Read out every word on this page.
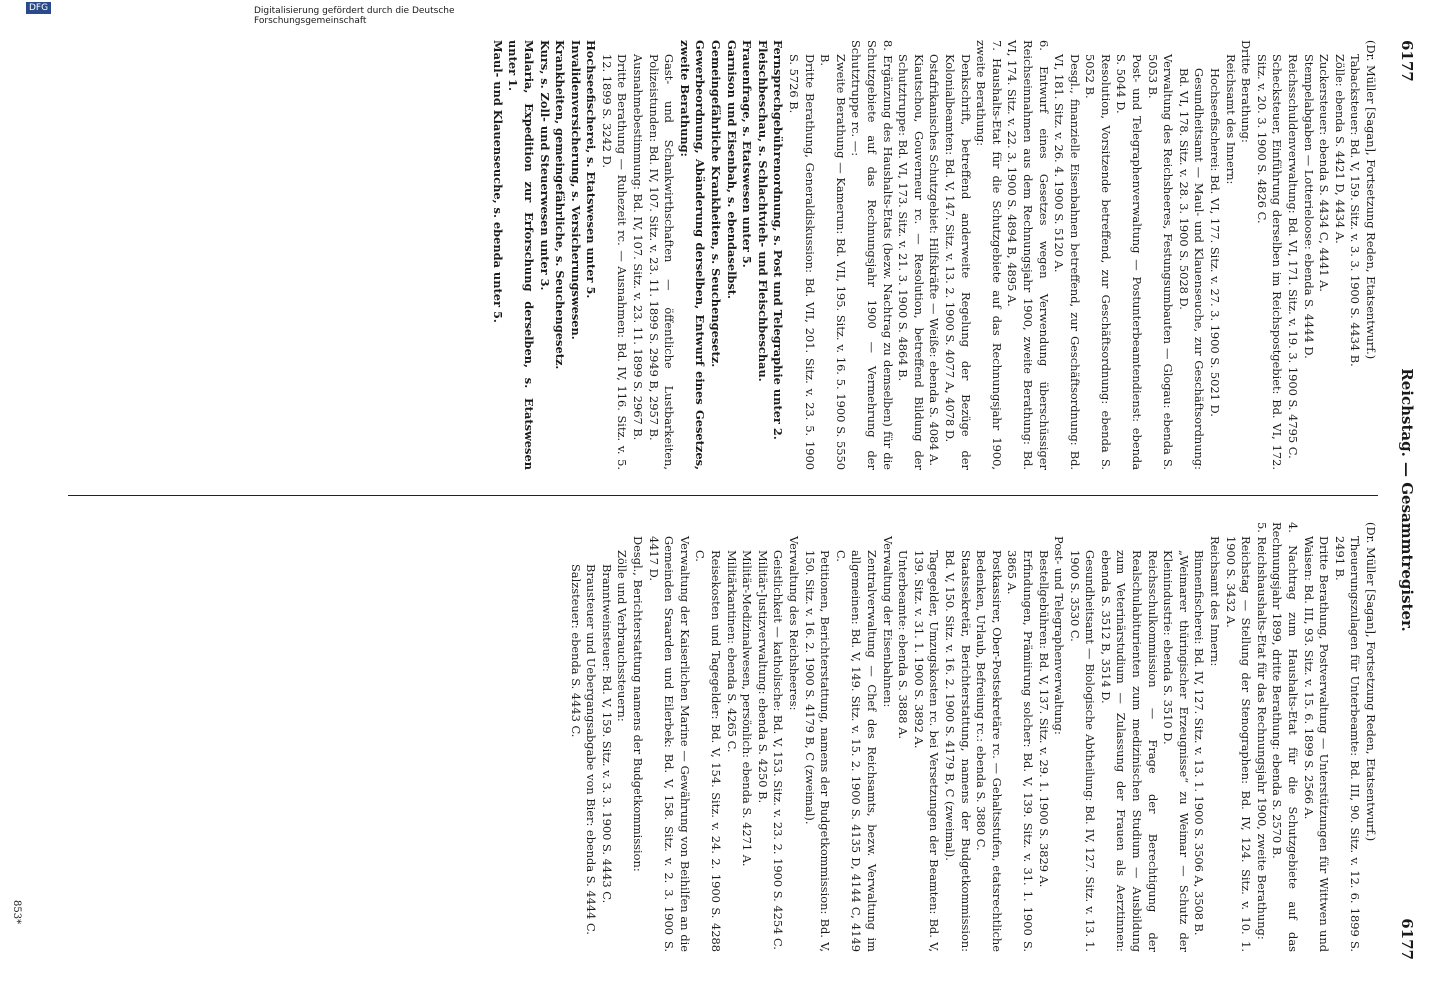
6177
Reichstag. — Gesammtregister.
6177

(Dr. Müller [Sagan], Fortsetzung Reden, Etatsentwurf.)

Tabacksteuer: Bd. V, 159. Sitz. v. 3. 3. 1900 S. 4434 B.

Zölle: ebenda S. 4421 D, 4434 A.

Zuckersteuer: ebenda S. 4434 C, 4441 A.

Stempelabgaben — Lotterieloose: ebenda S. 4444 D.

Reichsschuldenverwaltung: Bd. VI, 171. Sitz. v. 19. 3. 1900 S. 4795 C.

Schecksteuer, Einführung derselben im Reichspostgebiet: Bd. VI, 172. Sitz. v. 20. 3. 1900 S. 4826 C.

Dritte Berathung:

Reichsamt des Innern:

Hochseefischerei: Bd. VI, 177. Sitz. v. 27. 3. 1900 S. 5021 D.

Gesundheitsamt — Maul- und Klauenseuche, zur Geschäftsordnung: Bd. VI, 178. Sitz. v. 28. 3. 1900 S. 5028 D.

Verwaltung des Reichsheeres, Festungsumbauten — Glogau: ebenda S. 5053 B.

Post- und Telegraphenverwaltung — Postunterbeamtendienst: ebenda S. 5044 D.

Resolution, Vorsitzende betreffend, zur Geschäftsordnung: ebenda S. 5052 B.

Desgl., finanzielle Eisenbahnen betreffend, zur Geschäftsordnung: Bd. VI, 181. Sitz. v. 26. 4. 1900 S. 5120 A.

6. Entwurf eines Gesetzes wegen Verwendung überschüssiger Reichseinnahmen aus dem Rechnungsjahr 1900, zweite Berathung: Bd. VI, 174. Sitz. v. 22. 3. 1900 S. 4894 B, 4895 A.

7. Haushalts-Etat für die Schutzgebiete auf das Rechnungsjahr 1900, zweite Berathung:

Denkschrift, betreffend anderweite Regelung der Bezüge der Kolonialbeamten: Bd. V, 147. Sitz. v. 13. 2. 1900 S. 4077 A, 4078 D.

Ostafrikanisches Schutzgebiet: Hilfskräfte — Weiße: ebenda S. 4084 A.

Kiautschou, Gouverneur rc. — Resolution, betreffend Bildung der Schutztruppe: Bd. VI, 173. Sitz. v. 21. 3. 1900 S. 4864 B.

8. Ergänzung des Haushalts-Etats (bezw. Nachtrag zu demselben) für die Schutzgebiete auf das Rechnungsjahr 1900 — Vermehrung der Schutztruppe rc. —:

Zweite Berathung — Kamerun: Bd. VII, 195. Sitz. v. 16. 5. 1900 S. 5550 B.

Dritte Berathung, Generaldiskussion: Bd. VII, 201. Sitz. v. 23. 5. 1900 S. 5726 B.

Fernsprechgebührenordnung, s. Post und Telegraphie unter 2.

Fleischbeschau, s. Schlachtvieh- und Fleischbeschau.

Frauenfrage, s. Etatswesen unter 5.

Garnison und Eisenbah, s. ebendaselbst.

Gemeingefährliche Krankheiten, s. Seuchengesetz.

Gewerbeordnung, Abänderung derselben, Entwurf eines Gesetzes, zweite Berathung:

Gast- und Schankwirthschaften — öffentliche Lustbarkeiten, Polizeistunden: Bd. IV, 107. Sitz. v. 23. 11. 1899 S. 2949 B, 2957 B.

Ausnahmebestimmung: Bd. IV, 107. Sitz. v. 23. 11. 1899 S. 2967 B.

Dritte Berathung — Ruhezeit rc. — Ausnahmen: Bd. IV, 116. Sitz. v. 5. 12. 1899 S. 3242 D.

Hochseefischerei, s. Etatswesen unter 5.

Invalidenversicherung, s. Versicherungswesen.

Krankheiten, gemeingefährliche, s. Seuchengesetz.

Kurs, s. Zoll- und Steuerwesen unter 3.

Malaria, Expedition zur Erforschung derselben, s. Etatswesen unter 1.

Maul- und Klauenseuche, s. ebenda unter 5.

(Dr. Müller [Sagan], Fortsetzung Reden, Etatsentwurf.)

Theuerungszulagen für Unterbeamte: Bd. III, 90. Sitz. v. 12. 6. 1899 S. 2491 B.

Dritte Berathung, Postverwaltung — Unterstützungen für Wittwen und Waisen: Bd. III, 93. Sitz. v. 15. 6. 1899 S. 2566 A.

4. Nachtrag zum Haushalts-Etat für die Schutzgebiete auf das Rechnungsjahr 1899, dritte Berathung: ebenda S. 2570 B.

5. Reichshaushalts-Etat für das Rechnungsjahr 1900, zweite Berathung:

Reichstag — Stellung der Stenographen: Bd. IV, 124. Sitz. v. 10. 1. 1900 S. 3432 A.

Reichsamt des Innern:

Binnenfischerei: Bd. IV, 127. Sitz. v. 13. 1. 1900 S. 3506 A, 3508 B.

„Weimarer thüringischer Erzeugnisse“ zu Weimar — Schutz der Kleinindustrie: ebenda S. 3510 D.

Reichsschulkommission — Frage der Berechtigung der Realschulabiturienten zum medizinischen Studium — Ausbildung zum Veterinärstudium — Zulassung der Frauen als Aerztinnen: ebenda S. 3512 B, 3514 D.

Gesundheitsamt — Biologische Abtheilung: Bd. IV, 127. Sitz. v. 13. 1. 1900 S. 3530 C.

Post- und Telegraphenverwaltung:

Bestellgebühren: Bd. V, 137. Sitz. v. 29. 1. 1900 S. 3829 A.

Erfindungen, Prämiirung solcher: Bd. V, 139. Sitz. v. 31. 1. 1900 S. 3865 A.

Postkassirer, Ober-Postsekretäre rc. — Gehaltsstufen, etatsrechtliche Bedenken, Urlaub, Befreiung rc.: ebenda S. 3880 C.

Staatssekretär, Berichterstattung, namens der Budgetkommission: Bd. V, 150. Sitz. v. 16. 2. 1900 S. 4179 B, C (zweimal).

Tagegelder, Umzugskosten rc. bei Versetzungen der Beamten: Bd. V, 139. Sitz. v. 31. 1. 1900 S. 3892 A.

Unterbeamte: ebenda S. 3888 A.

Verwaltung der Eisenbahnen:

Zentralverwaltung — Chef des Reichsamts, bezw. Verwaltung im allgemeinen: Bd. V, 149. Sitz. v. 15. 2. 1900 S. 4135 D, 4144 C, 4149 C.

Petitionen, Berichterstattung, namens der Budgetkommission: Bd. V, 150. Sitz. v. 16. 2. 1900 S. 4179 B, C (zweimal).

Verwaltung des Reichsheeres:

Geistlichkeit — katholische: Bd. V, 153. Sitz. v. 23. 2. 1900 S. 4254 C.

Militär-Justizverwaltung: ebenda S. 4250 B.

Militär-Medizinalwesen, persönlich: ebenda S. 4271 A.

Militärkantinen: ebenda S. 4265 C.

Reisekosten und Tagegelder: Bd. V, 154. Sitz. v. 24. 2. 1900 S. 4288 C.

Verwaltung der Kaiserlichen Marine — Gewährung von Beihilfen an die Gemeinden Sraarden und Eilerbek: Bd. V, 158. Sitz. v. 2. 3. 1900 S. 4417 D.

Desgl., Berichterstattung namens der Budgetkommission:

Zölle und Verbrauchssteuern:

Branntweinsteuer: Bd. V, 159. Sitz. v. 3. 3. 1900 S. 4443 C.

Brausteuer und Uebergangsabgabe von Bier: ebenda S. 4444 C.

Salzsteuer: ebenda S. 4443 C.

853*
Digitalisierung gefördert durch die Deutsche Forschungsgemeinschaft
DFG
